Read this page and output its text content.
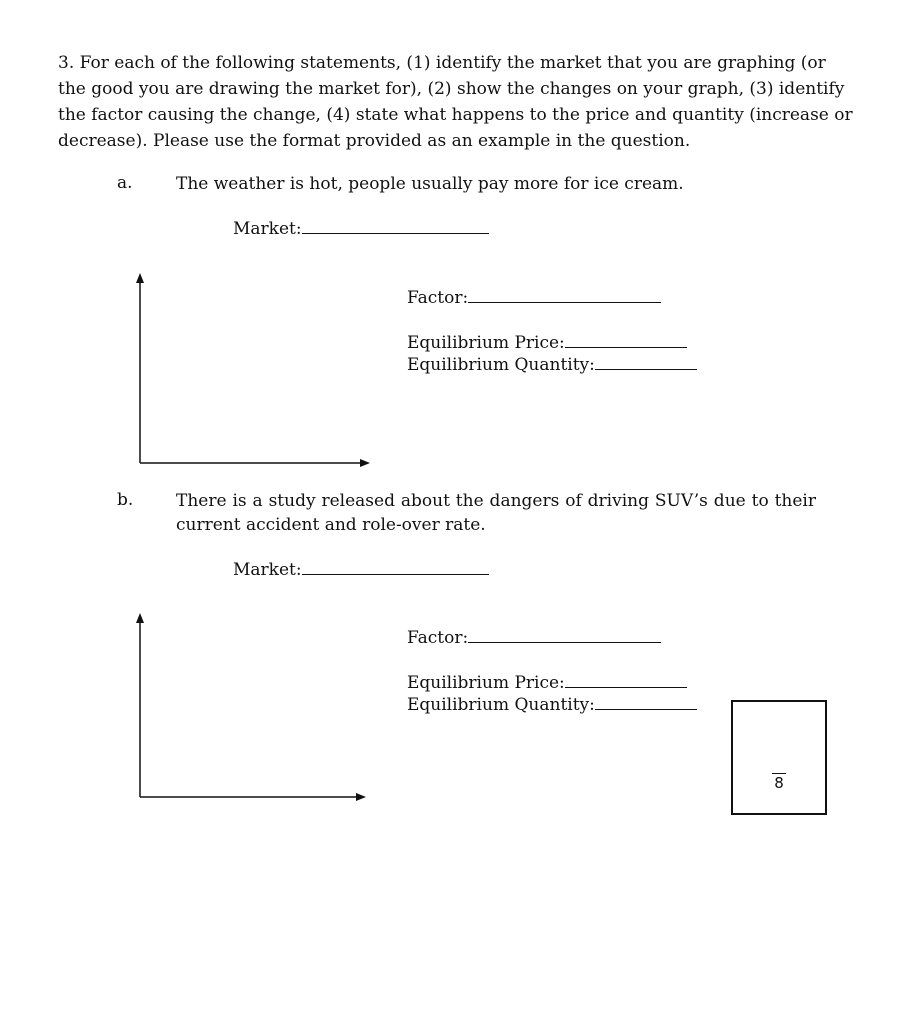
3. For each of the following statements, (1) identify the market that you are graphing (or
the good you are drawing the market for), (2) show the changes on your graph, (3) identify
the factor causing the change, (4) state what happens to the price and quantity (increase or
decrease). Please use the format provided as an example in the question.
a.	The weather is hot, people usually pay more for ice cream.
Market:
Factor:
Equilibrium Price:
Equilibrium Quantity:
b.	There is a study released about the dangers of driving SUV’s due to their
current accident and role-over rate.
Market:
Factor:
Equilibrium Price:
Equilibrium Quantity:
8
